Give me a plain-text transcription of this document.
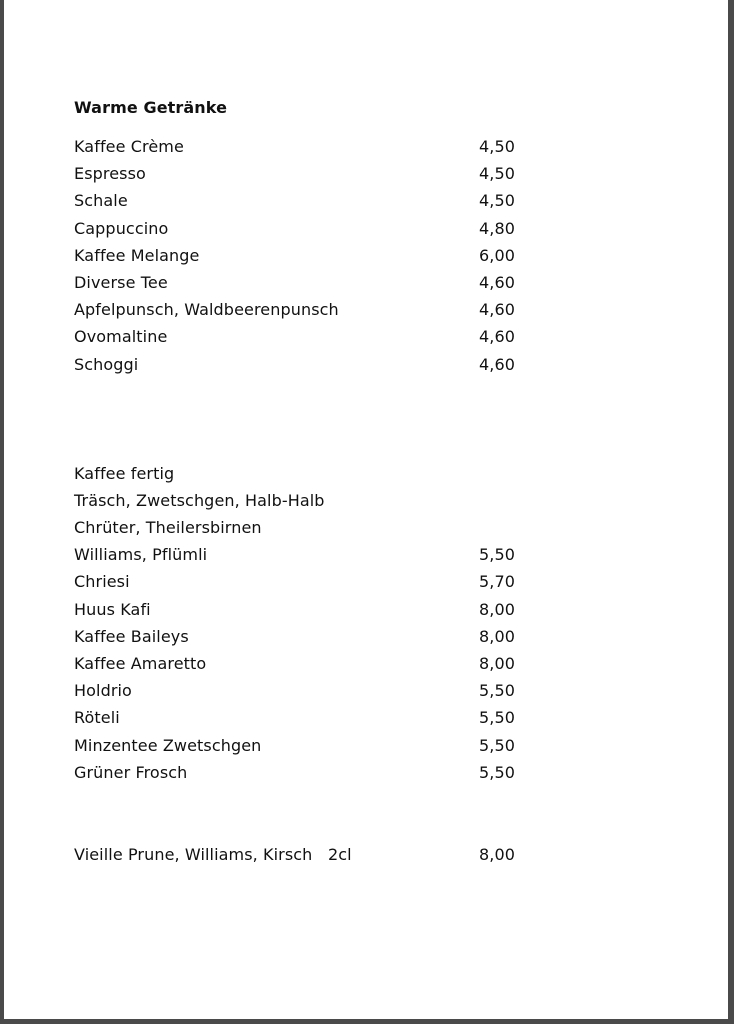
Warme Getränke
Kaffee Crème	4,50
Espresso	4,50
Schale	4,50
Cappuccino	4,80
Kaffee Melange	6,00
Diverse Tee	4,60
Apfelpunsch, Waldbeerenpunsch	4,60
Ovomaltine	4,60
Schoggi	4,60
Kaffee fertig
Träsch, Zwetschgen, Halb-Halb
Chrüter, Theilersbirnen
Williams, Pflümli	5,50
Chriesi	5,70
Huus Kafi	8,00
Kaffee Baileys	8,00
Kaffee Amaretto	8,00
Holdrio	5,50
Röteli	5,50
Minzentee Zwetschgen	5,50
Grüner Frosch	5,50
Vieille Prune, Williams, Kirsch   2cl	8,00
